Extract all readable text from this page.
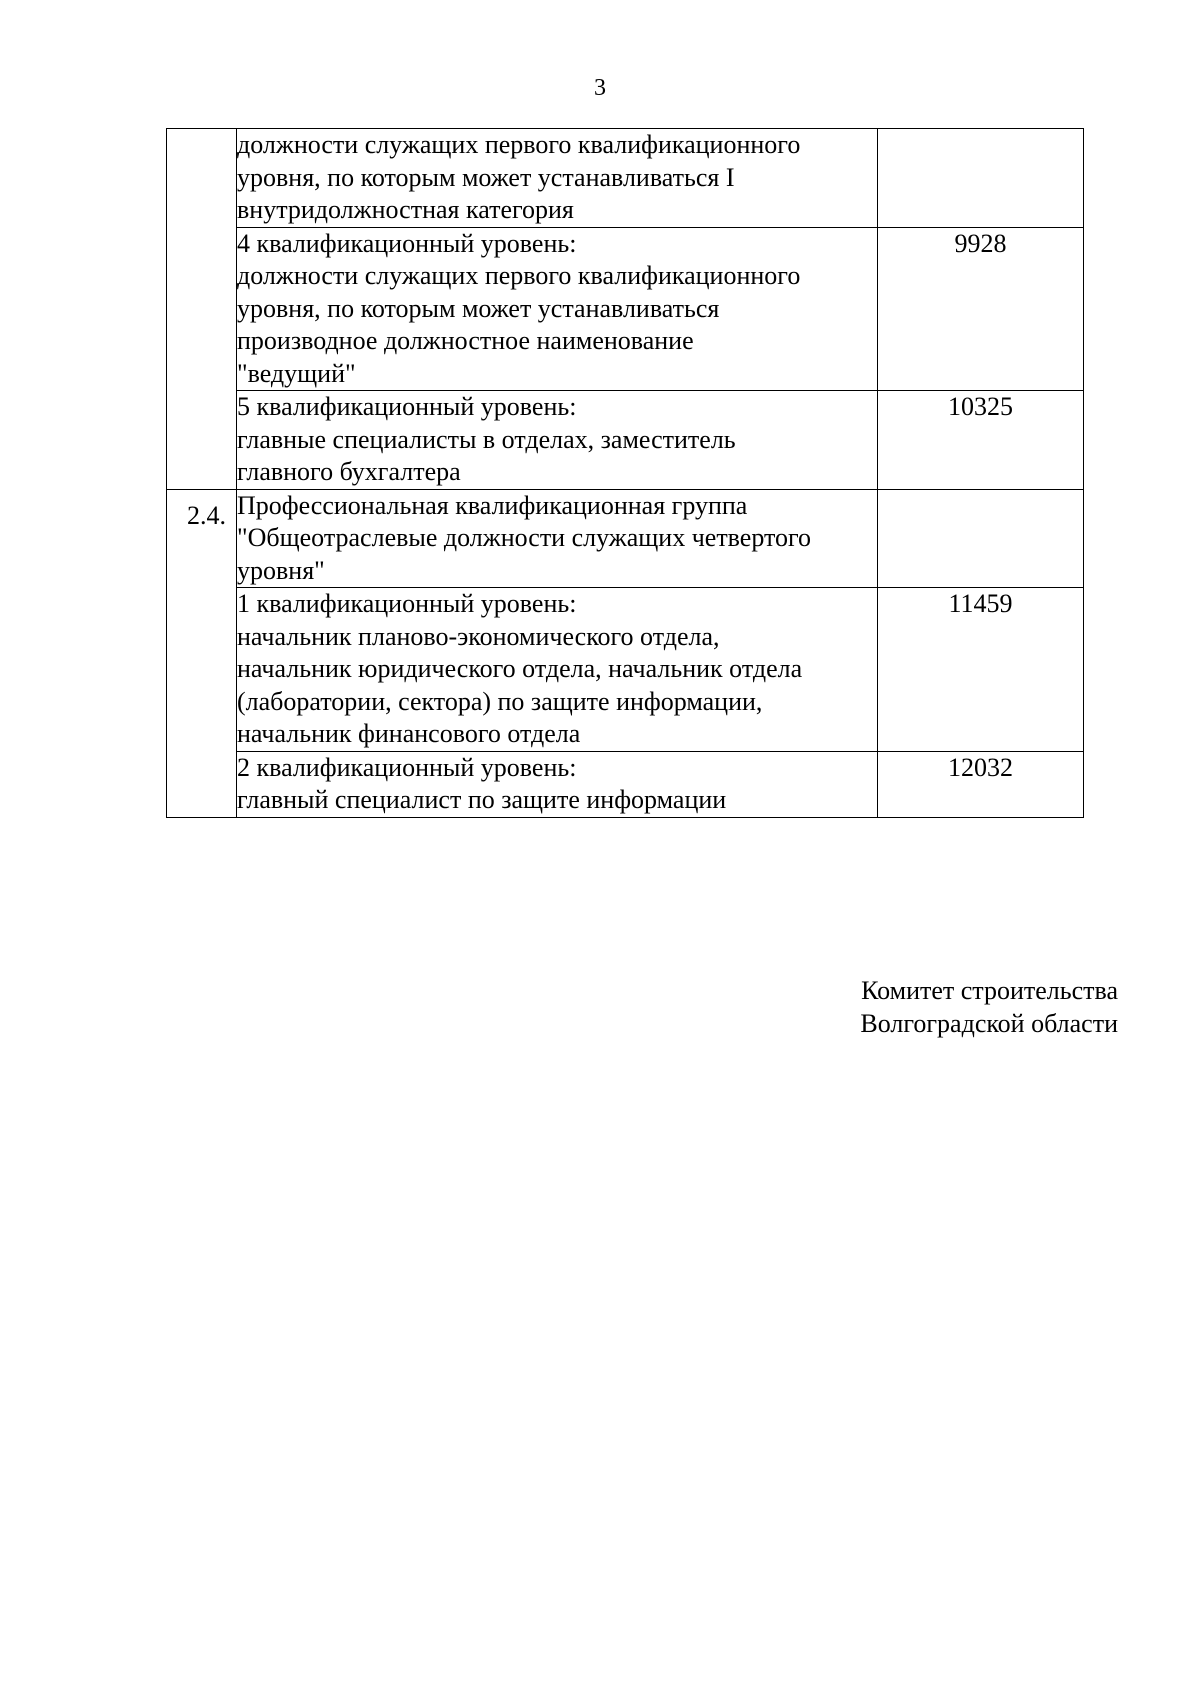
3

	должности служащих первого квалификационного
уровня, по которым может устанавливаться I
внутридолжностная категория	

	4 квалификационный уровень:
должности служащих первого квалификационного
уровня, по которым может устанавливаться
производное должностное наименование
"ведущий"	9928

	5 квалификационный уровень:
главные специалисты в отделах, заместитель
главного бухгалтера	10325

2.4.	Профессиональная квалификационная группа
"Общеотраслевые должности служащих четвертого
уровня"	

	1 квалификационный уровень:
начальник планово-экономического отдела,
начальник юридического отдела, начальник отдела
(лаборатории, сектора) по защите информации,
начальник финансового отдела	11459

	2 квалификационный уровень:
главный специалист по защите информации	12032
Комитет строительства
Волгоградской области
